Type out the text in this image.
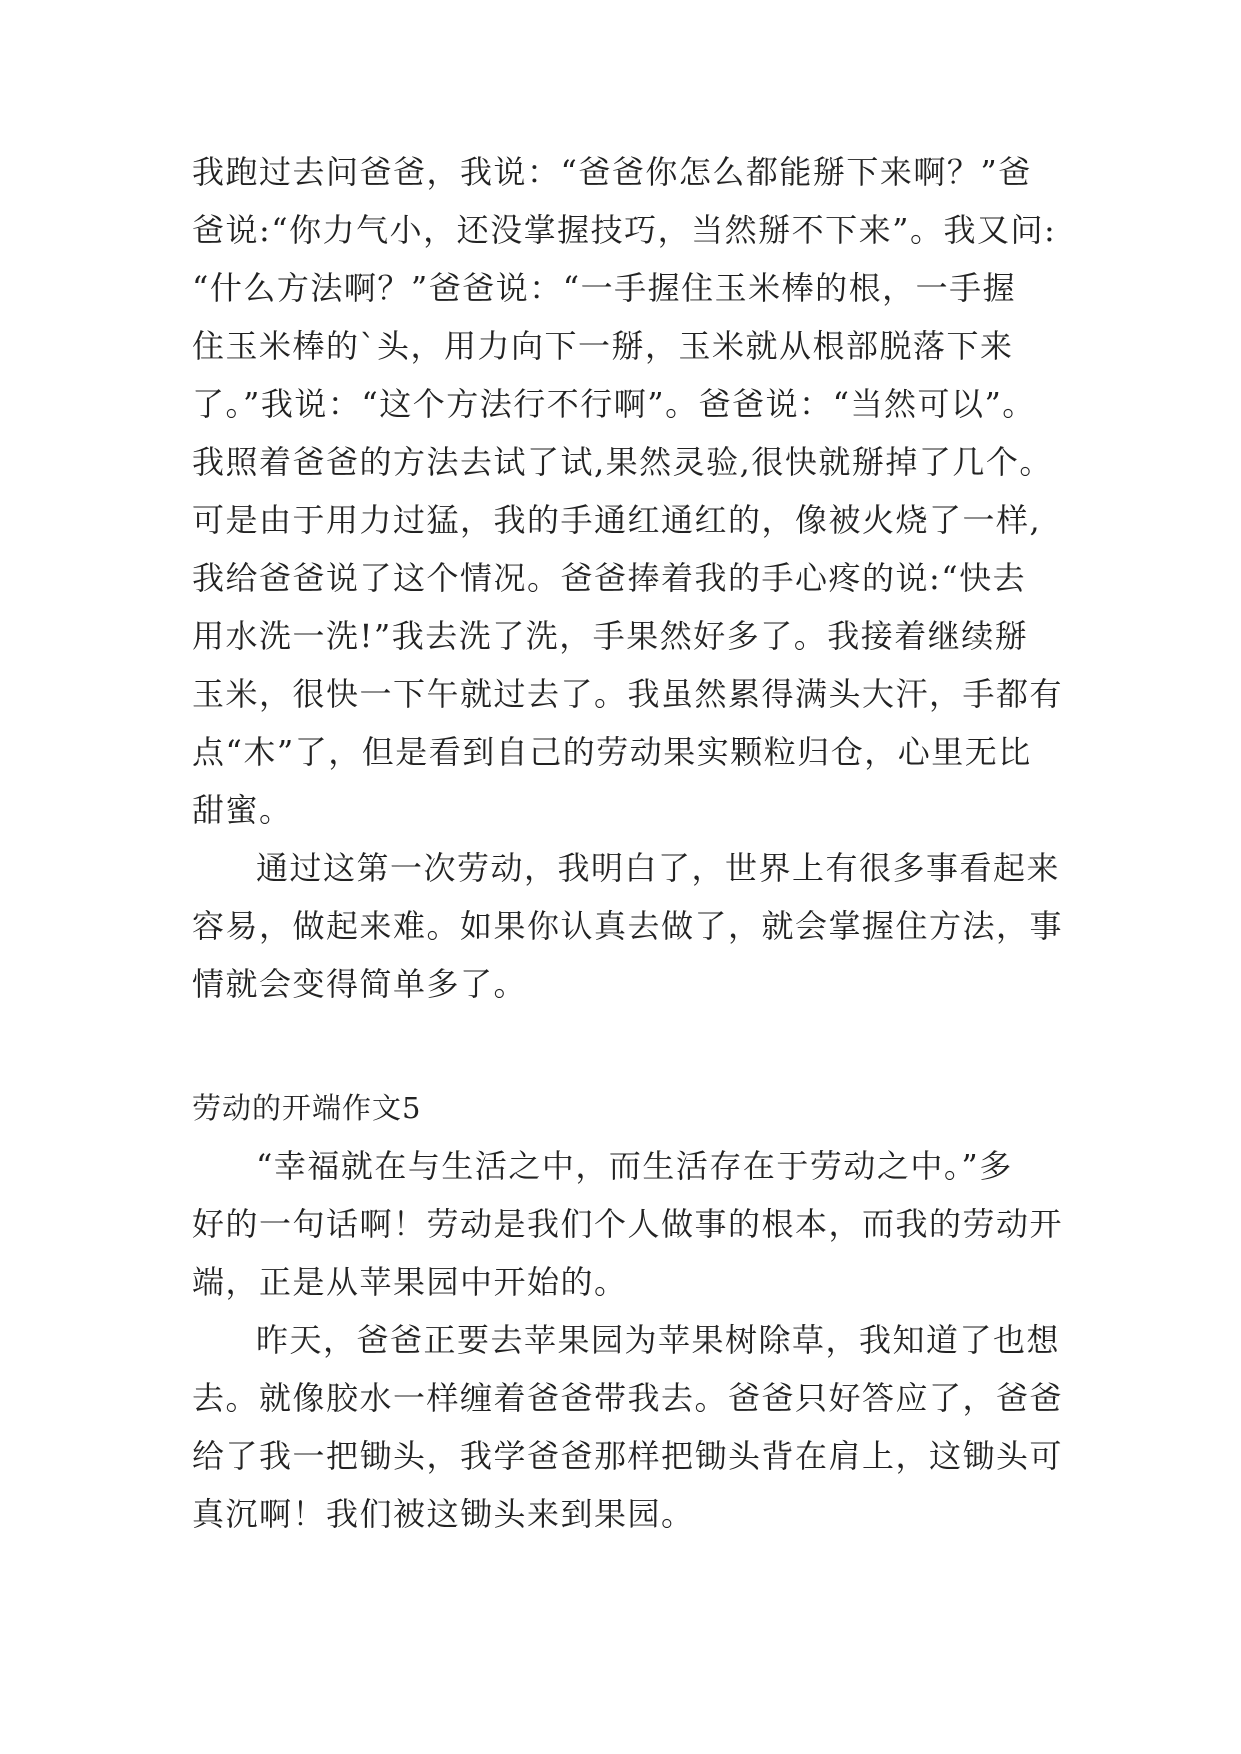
我跑过去问爸爸，我说：“爸爸你怎么都能掰下来啊？”爸
爸说:“你力气小，还没掌握技巧，当然掰不下来”。我又问:
“什么方法啊？”爸爸说：“一手握住玉米棒的根，一手握
住玉米棒的`头，用力向下一掰，玉米就从根部脱落下来
了。”我说：“这个方法行不行啊”。爸爸说：“当然可以”。
我照着爸爸的方法去试了试,果然灵验,很快就掰掉了几个。
可是由于用力过猛，我的手通红通红的，像被火烧了一样,
我给爸爸说了这个情况。爸爸捧着我的手心疼的说:“快去
用水洗一洗!”我去洗了洗，手果然好多了。我接着继续掰
玉米，很快一下午就过去了。我虽然累得满头大汗，手都有
点“木”了，但是看到自己的劳动果实颗粒归仓，心里无比
甜蜜。
通过这第一次劳动，我明白了，世界上有很多事看起来
容易，做起来难。如果你认真去做了，就会掌握住方法，事
情就会变得简单多了。
劳动的开端作文5
“幸福就在与生活之中，而生活存在于劳动之中。”多
好的一句话啊！劳动是我们个人做事的根本，而我的劳动开
端，正是从苹果园中开始的。
昨天，爸爸正要去苹果园为苹果树除草，我知道了也想
去。就像胶水一样缠着爸爸带我去。爸爸只好答应了，爸爸
给了我一把锄头，我学爸爸那样把锄头背在肩上，这锄头可
真沉啊！我们被这锄头来到果园。
